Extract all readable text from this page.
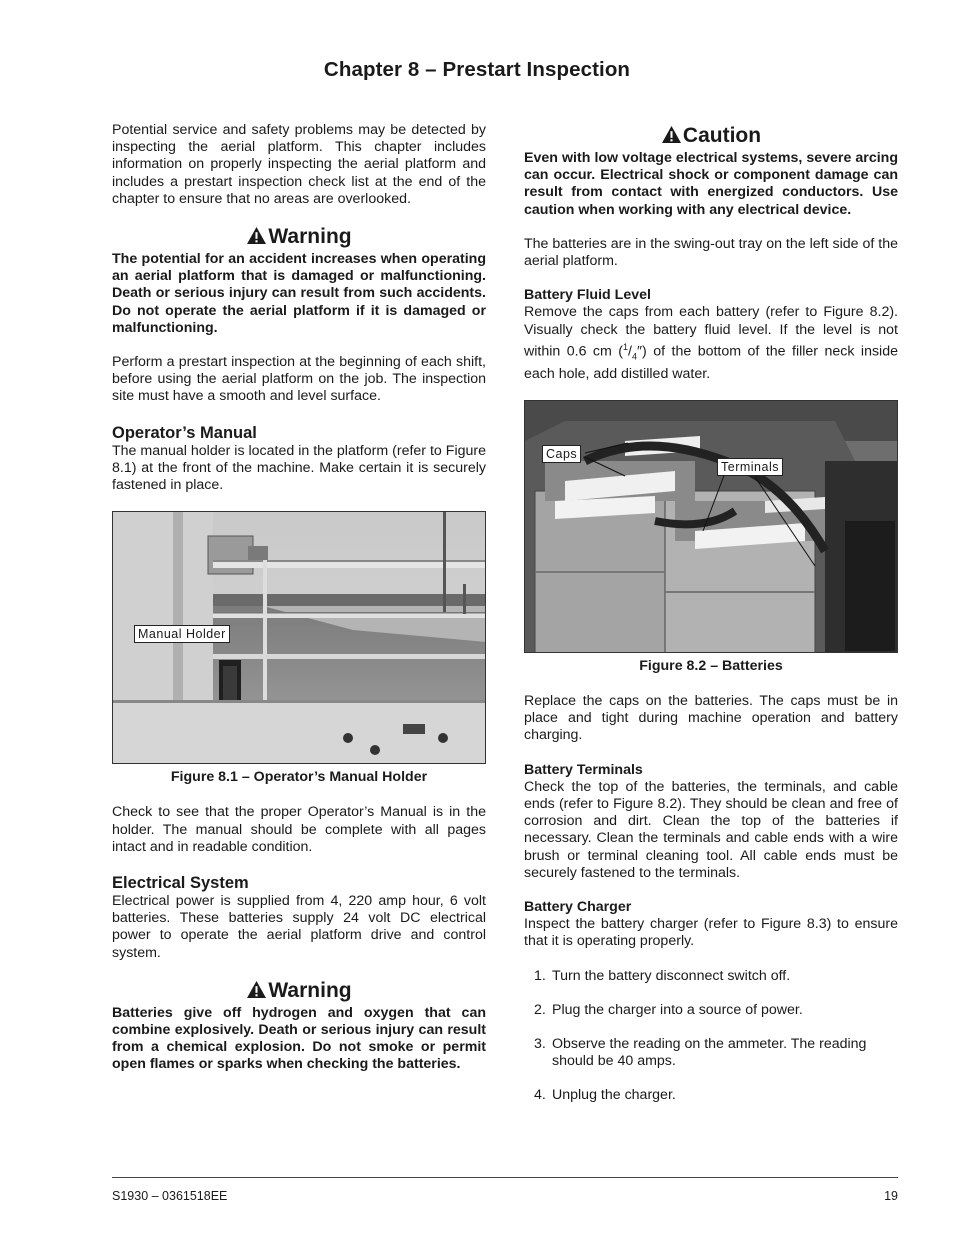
Chapter 8 – Prestart Inspection

Potential service and safety problems may be detected by inspecting the aerial platform. This chapter includes information on properly inspecting the aerial platform and includes a prestart inspection check list at the end of the chapter to ensure that no areas are overlooked.

Warning

The potential for an accident increases when operating an aerial platform that is damaged or malfunctioning. Death or serious injury can result from such accidents. Do not operate the aerial platform if it is damaged or malfunctioning.

Perform a prestart inspection at the beginning of each shift, before using the aerial platform on the job. The inspection site must have a smooth and level surface.

Operator’s Manual

The manual holder is located in the platform (refer to Figure 8.1) at the front of the machine. Make certain it is securely fastened in place.

Manual Holder
Figure 8.1 – Operator’s Manual Holder

Check to see that the proper Operator’s Manual is in the holder. The manual should be complete with all pages intact and in readable condition.

Electrical System

Electrical power is supplied from 4, 220 amp hour, 6 volt batteries. These batteries supply 24 volt DC electrical power to operate the aerial platform drive and control system.

Warning

Batteries give off hydrogen and oxygen that can combine explosively. Death or serious injury can result from a chemical explosion. Do not smoke or permit open flames or sparks when checking the batteries.

Caution

Even with low voltage electrical systems, severe arcing can occur. Electrical shock or component damage can result from contact with energized conductors. Use caution when working with any electrical device.

The batteries are in the swing-out tray on the left side of the aerial platform.

Battery Fluid Level

Remove the caps from each battery (refer to Figure 8.2). Visually check the battery fluid level. If the level is not within 0.6 cm $(^1/_4'')$ of the bottom of the filler neck inside each hole, add distilled water.

Caps
Terminals
Figure 8.2 – Batteries

Replace the caps on the batteries. The caps must be in place and tight during machine operation and battery charging.

Battery Terminals

Check the top of the batteries, the terminals, and cable ends (refer to Figure 8.2). They should be clean and free of corrosion and dirt. Clean the top of the batteries if necessary. Clean the terminals and cable ends with a wire brush or terminal cleaning tool. All cable ends must be securely fastened to the terminals.

Battery Charger

Inspect the battery charger (refer to Figure 8.3) to ensure that it is operating properly.

1. Turn the battery disconnect switch off.
2. Plug the charger into a source of power.
3. Observe the reading on the ammeter. The reading should be 40 amps.
4. Unplug the charger.
S1930 – 0361518EE	19
